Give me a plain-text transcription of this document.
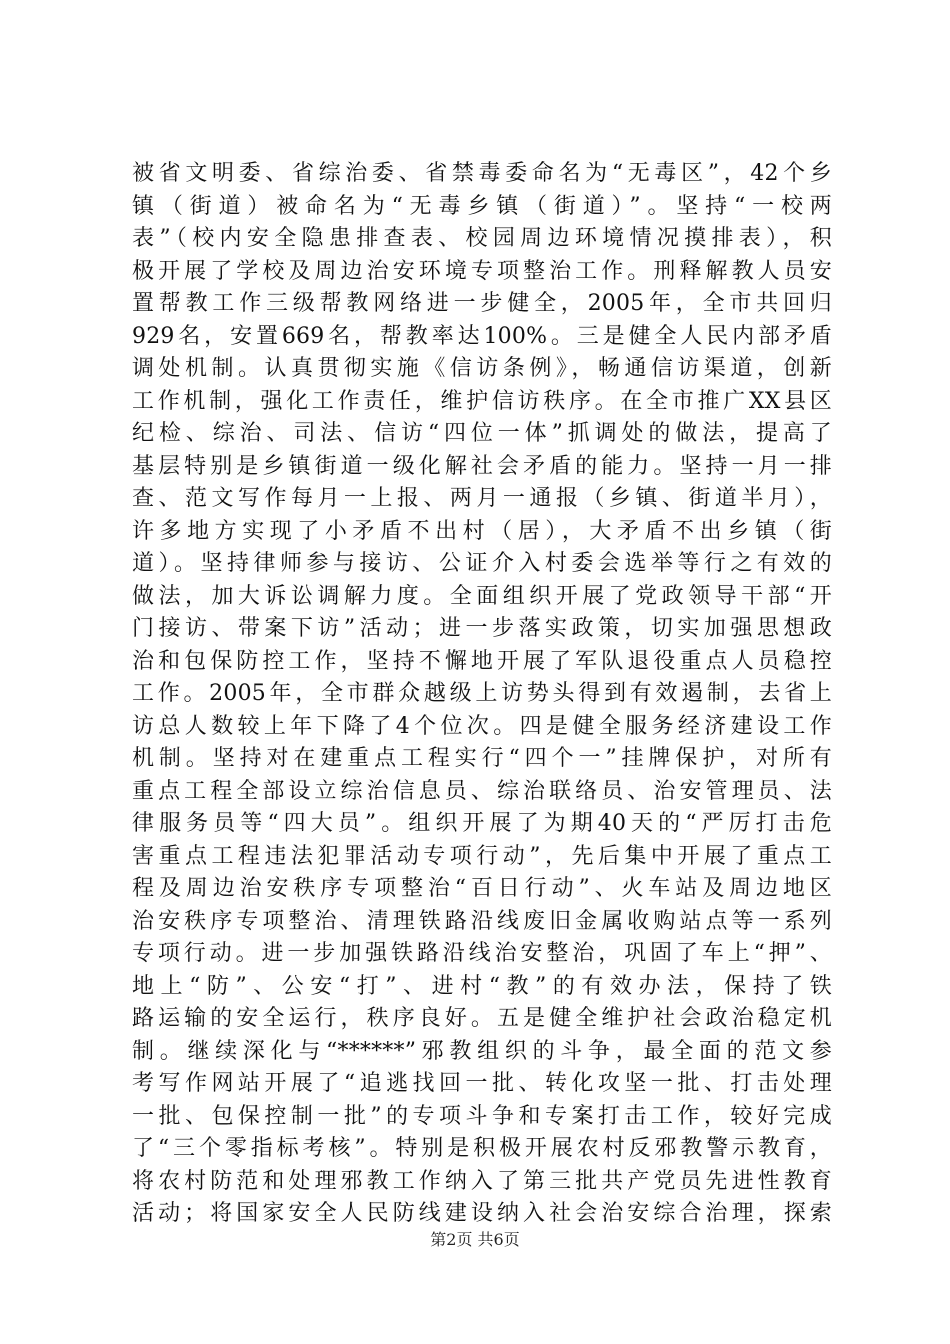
被省文明委、省综治委、省禁毒委命名为“无毒区”，42个乡
镇（街道）被命名为“无毒乡镇（街道）”。坚持“一校两
表”（校内安全隐患排查表、校园周边环境情况摸排表），积
极开展了学校及周边治安环境专项整治工作。刑释解教人员安
置帮教工作三级帮教网络进一步健全，2005年，全市共回归
929名，安置669名，帮教率达100%。三是健全人民内部矛盾
调处机制。认真贯彻实施《信访条例》，畅通信访渠道，创新
工作机制，强化工作责任，维护信访秩序。在全市推广XX县区
纪检、综治、司法、信访“四位一体”抓调处的做法，提高了
基层特别是乡镇街道一级化解社会矛盾的能力。坚持一月一排
查、范文写作每月一上报、两月一通报（乡镇、街道半月），
许多地方实现了小矛盾不出村（居），大矛盾不出乡镇（街
道）。坚持律师参与接访、公证介入村委会选举等行之有效的
做法，加大诉讼调解力度。全面组织开展了党政领导干部“开
门接访、带案下访”活动；进一步落实政策，切实加强思想政
治和包保防控工作，坚持不懈地开展了军队退役重点人员稳控
工作。2005年，全市群众越级上访势头得到有效遏制，去省上
访总人数较上年下降了4个位次。四是健全服务经济建设工作
机制。坚持对在建重点工程实行“四个一”挂牌保护，对所有
重点工程全部设立综治信息员、综治联络员、治安管理员、法
律服务员等“四大员”。组织开展了为期40天的“严厉打击危
害重点工程违法犯罪活动专项行动”，先后集中开展了重点工
程及周边治安秩序专项整治“百日行动”、火车站及周边地区
治安秩序专项整治、清理铁路沿线废旧金属收购站点等一系列
专项行动。进一步加强铁路沿线治安整治，巩固了车上“押”、
地上“防”、公安“打”、进村“教”的有效办法，保持了铁
路运输的安全运行，秩序良好。五是健全维护社会政治稳定机
制。继续深化与“******”邪教组织的斗争，最全面的范文参
考写作网站开展了“追逃找回一批、转化攻坚一批、打击处理
一批、包保控制一批”的专项斗争和专案打击工作，较好完成
了“三个零指标考核”。特别是积极开展农村反邪教警示教育，
将农村防范和处理邪教工作纳入了第三批共产党员先进性教育
活动；将国家安全人民防线建设纳入社会治安综合治理，探索
第2页 共6页
